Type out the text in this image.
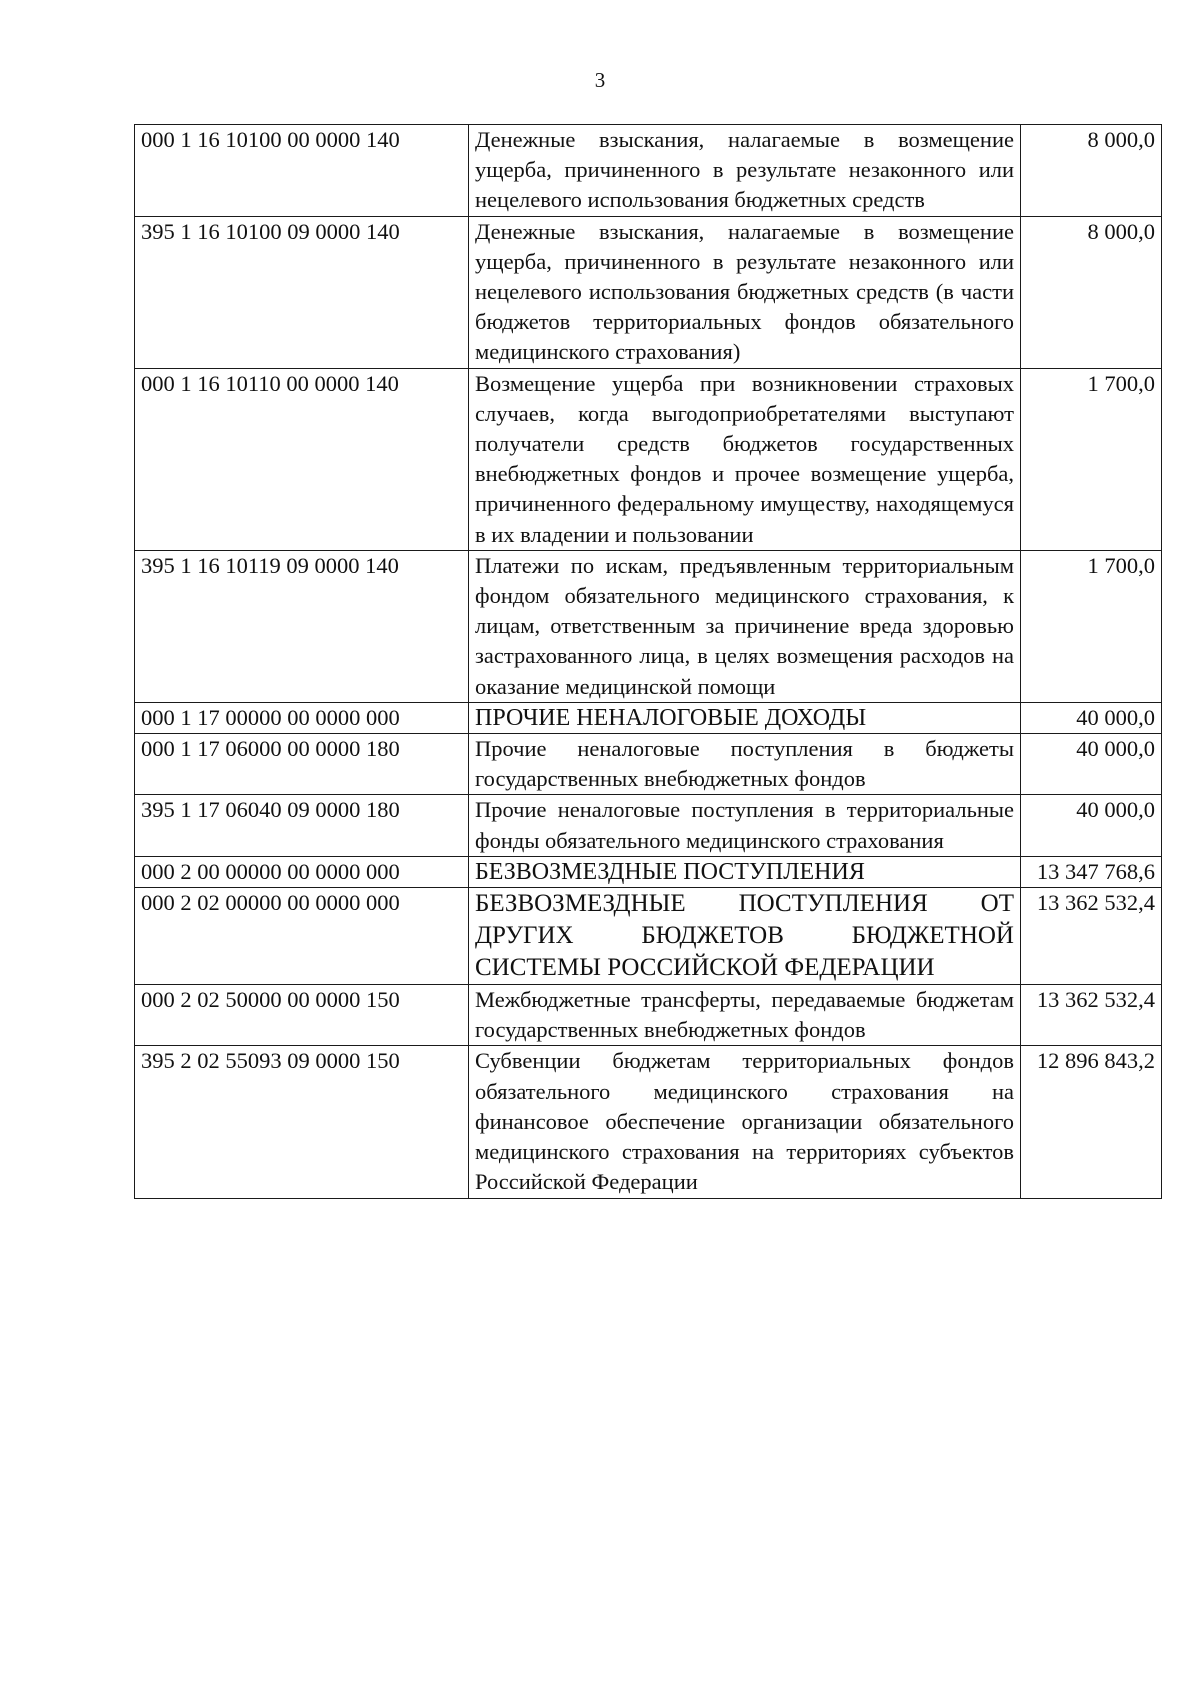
3
000 1 16 10100 00 0000 140	Денежные взыскания, налагаемые в возмещение ущерба, причиненного в результате незаконного или нецелевого использования бюджетных средств	8 000,0
395 1 16 10100 09 0000 140	Денежные взыскания, налагаемые в возмещение ущерба, причиненного в результате незаконного или нецелевого использования бюджетных средств (в части бюджетов территориальных фондов обязательного медицинского страхования)	8 000,0
000 1 16 10110 00 0000 140	Возмещение ущерба при возникновении страховых случаев, когда выгодоприобретателями выступают получатели средств бюджетов государственных внебюджетных фондов и прочее возмещение ущерба, причиненного федеральному имуществу, находящемуся в их владении и пользовании	1 700,0
395 1 16 10119 09 0000 140	Платежи по искам, предъявленным территориальным фондом обязательного медицинского страхования, к лицам, ответственным за причинение вреда здоровью застрахованного лица, в целях возмещения расходов на оказание медицинской помощи	1 700,0
000 1 17 00000 00 0000 000	ПРОЧИЕ НЕНАЛОГОВЫЕ ДОХОДЫ	40 000,0
000 1 17 06000 00 0000 180	Прочие неналоговые поступления в бюджеты государственных внебюджетных фондов	40 000,0
395 1 17 06040 09 0000 180	Прочие неналоговые поступления в территориальные фонды обязательного медицинского страхования	40 000,0
000 2 00 00000 00 0000 000	БЕЗВОЗМЕЗДНЫЕ ПОСТУПЛЕНИЯ	13 347 768,6
000 2 02 00000 00 0000 000	БЕЗВОЗМЕЗДНЫЕ ПОСТУПЛЕНИЯ ОТ ДРУГИХ БЮДЖЕТОВ БЮДЖЕТНОЙ СИСТЕМЫ РОССИЙСКОЙ ФЕДЕРАЦИИ	13 362 532,4
000 2 02 50000 00 0000 150	Межбюджетные трансферты, передаваемые бюджетам государственных внебюджетных фондов	13 362 532,4
395 2 02 55093 09 0000 150	Субвенции бюджетам территориальных фондов обязательного медицинского страхования на финансовое обеспечение организации обязательного медицинского страхования на территориях субъектов Российской Федерации	12 896 843,2
